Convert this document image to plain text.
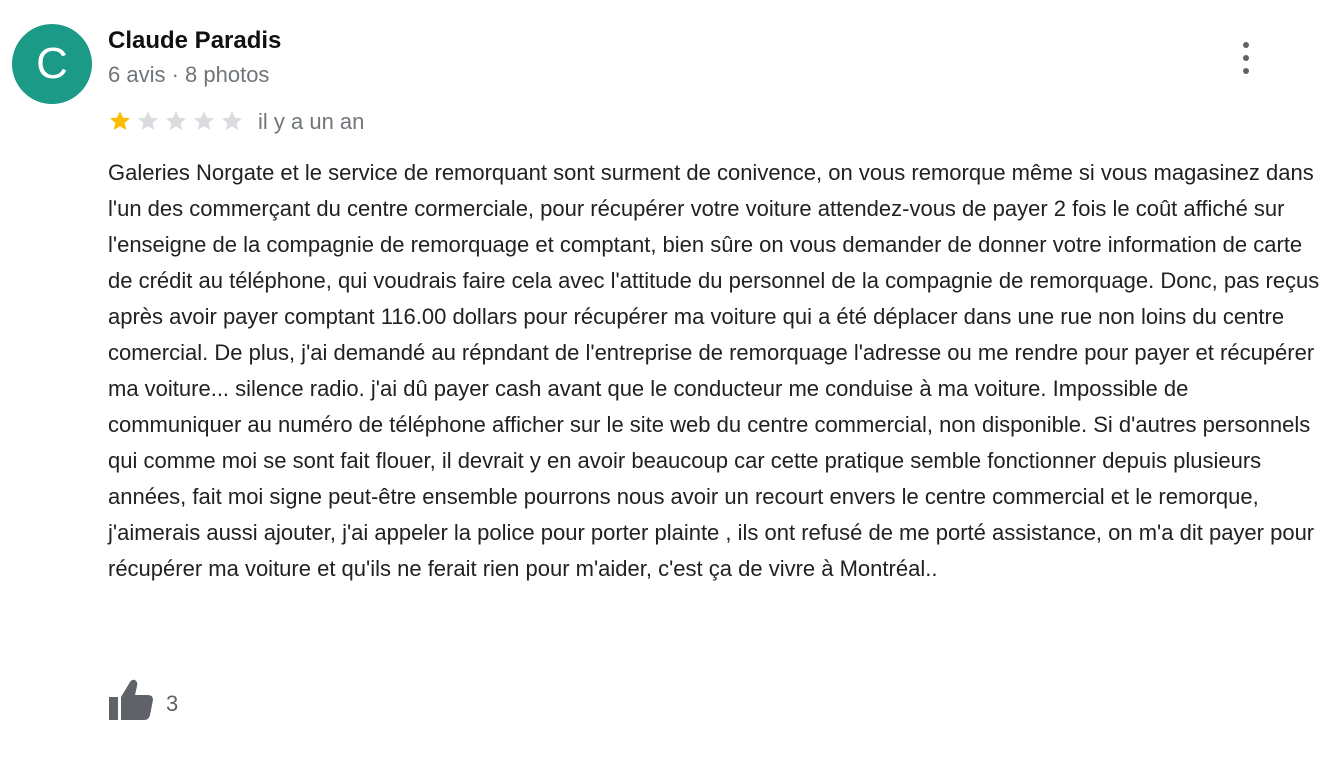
C	Claude Paradis
6 avis · 8 photos
il y a un an
Galeries Norgate et le service de remorquant sont surment de conivence, on vous remorque même si vous magasinez dans l'un des commerçant du centre cormerciale, pour récupérer votre voiture attendez-vous de payer 2 fois le coût affiché sur l'enseigne de la compagnie de remorquage et comptant, bien sûre on vous demander de donner votre information de carte de crédit au téléphone, qui voudrais faire cela avec l'attitude du personnel de la compagnie de remorquage. Donc, pas reçus après avoir payer comptant 116.00 dollars pour récupérer ma voiture qui a été déplacer dans une rue non loins du centre comercial. De plus, j'ai demandé au répndant de l'entreprise de remorquage l'adresse ou me rendre pour payer et récupérer ma voiture... silence radio. j'ai dû payer cash avant que le conducteur me conduise à ma voiture. Impossible de communiquer au numéro de téléphone afficher sur le site web du centre commercial, non disponible. Si d'autres personnels qui comme moi se sont fait flouer, il devrait y en avoir beaucoup car cette pratique semble fonctionner depuis plusieurs années, fait moi signe peut-être ensemble pourrons nous avoir un recourt envers le centre commercial et le remorque, j'aimerais aussi ajouter, j'ai appeler la police pour porter plainte , ils ont refusé de me porté assistance, on m'a dit payer pour récupérer ma voiture et qu'ils ne ferait rien pour m'aider, c'est ça de vivre à Montréal..
3
